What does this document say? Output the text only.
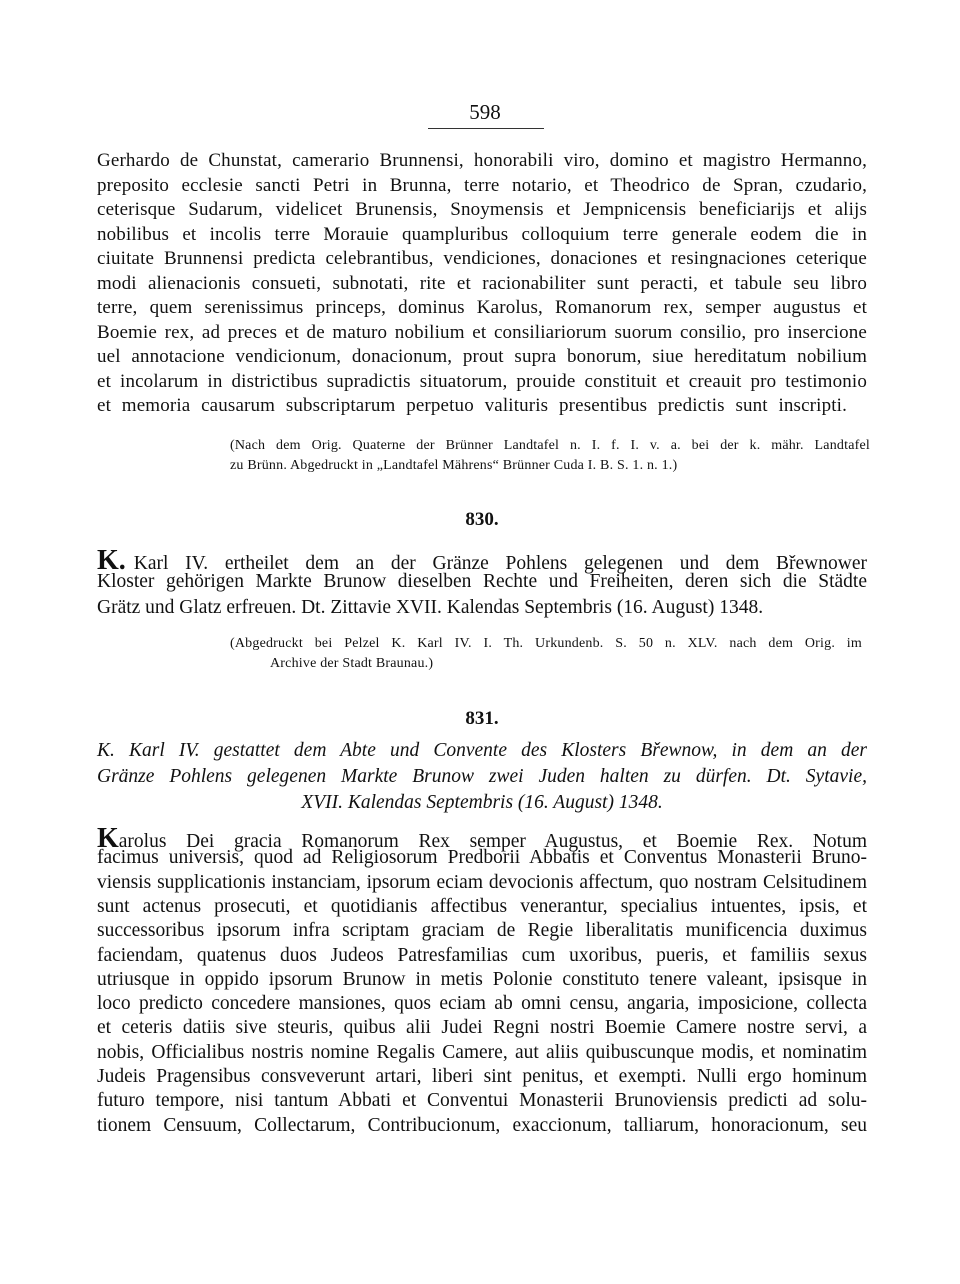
598
Gerhardo de Chunstat, camerario Brunnensi, honorabili viro, domino et magistro Hermanno,
preposito ecclesie sancti Petri in Brunna, terre notario, et Theodrico de Spran, czudario,
ceterisque Sudarum, videlicet Brunensis, Snoymensis et Jempnicensis beneficiarijs et alijs
nobilibus et incolis terre Morauie quampluribus colloquium terre generale eodem die in
ciuitate Brunnensi predicta celebrantibus, vendiciones, donaciones et resingnaciones ceterique
modi alienacionis consueti, subnotati, rite et racionabiliter sunt peracti, et tabule seu libro
terre, quem serenissimus princeps, dominus Karolus, Romanorum rex, semper augustus et
Boemie rex, ad preces et de maturo nobilium et consiliariorum suorum consilio, pro insercione
uel annotacione vendicionum, donacionum, prout supra bonorum, siue hereditatum nobilium
et incolarum in districtibus supradictis situatorum, prouide constituit et creauit pro testimonio
et memoria causarum subscriptarum perpetuo valituris presentibus predictis sunt inscripti.
(Nach dem Orig. Quaterne der Brünner Landtafel n. I. f. I. v. a. bei der k. mähr. Landtafel
zu Brünn. Abgedruckt in „Landtafel Mährens“ Brünner Cuda I. B. S. 1. n. 1.)
830.
K. Karl IV. ertheilet dem an der Gränze Pohlens gelegenen und dem Břewnower
Kloster gehörigen Markte Brunow dieselben Rechte und Freiheiten, deren sich die Städte
Grätz und Glatz erfreuen. Dt. Zittavie XVII. Kalendas Septembris (16. August) 1348.
(Abgedruckt bei Pelzel K. Karl IV. I. Th. Urkundenb. S. 50 n. XLV. nach dem Orig. im
Archive der Stadt Braunau.)
831.
K. Karl IV. gestattet dem Abte und Convente des Klosters Břewnow, in dem an der
Gränze Pohlens gelegenen Markte Brunow zwei Juden halten zu dürfen. Dt. Sytavie,
XVII. Kalendas Septembris (16. August) 1348.
K arolus Dei gracia Romanorum Rex semper Augustus, et Boemie Rex. Notum
facimus universis, quod ad Religiosorum Predborii Abbatis et Conventus Monasterii Bruno-
viensis supplicationis instanciam, ipsorum eciam devocionis affectum, quo nostram Celsitudinem
sunt actenus prosecuti, et quotidianis affectibus venerantur, specialius intuentes, ipsis, et
successoribus ipsorum infra scriptam graciam de Regie liberalitatis munificencia duximus
faciendam, quatenus duos Judeos Patresfamilias cum uxoribus, pueris, et familiis sexus
utriusque in oppido ipsorum Brunow in metis Polonie constituto tenere valeant, ipsisque in
loco predicto concedere mansiones, quos eciam ab omni censu, angaria, imposicione, collecta
et ceteris datiis sive steuris, quibus alii Judei Regni nostri Boemie Camere nostre servi, a
nobis, Officialibus nostris nomine Regalis Camere, aut aliis quibuscunque modis, et nominatim
Judeis Pragensibus consveverunt artari, liberi sint penitus, et exempti. Nulli ergo hominum
futuro tempore, nisi tantum Abbati et Conventui Monasterii Brunoviensis predicti ad solu-
tionem Censuum, Collectarum, Contribucionum, exaccionum, talliarum, honoracionum, seu
